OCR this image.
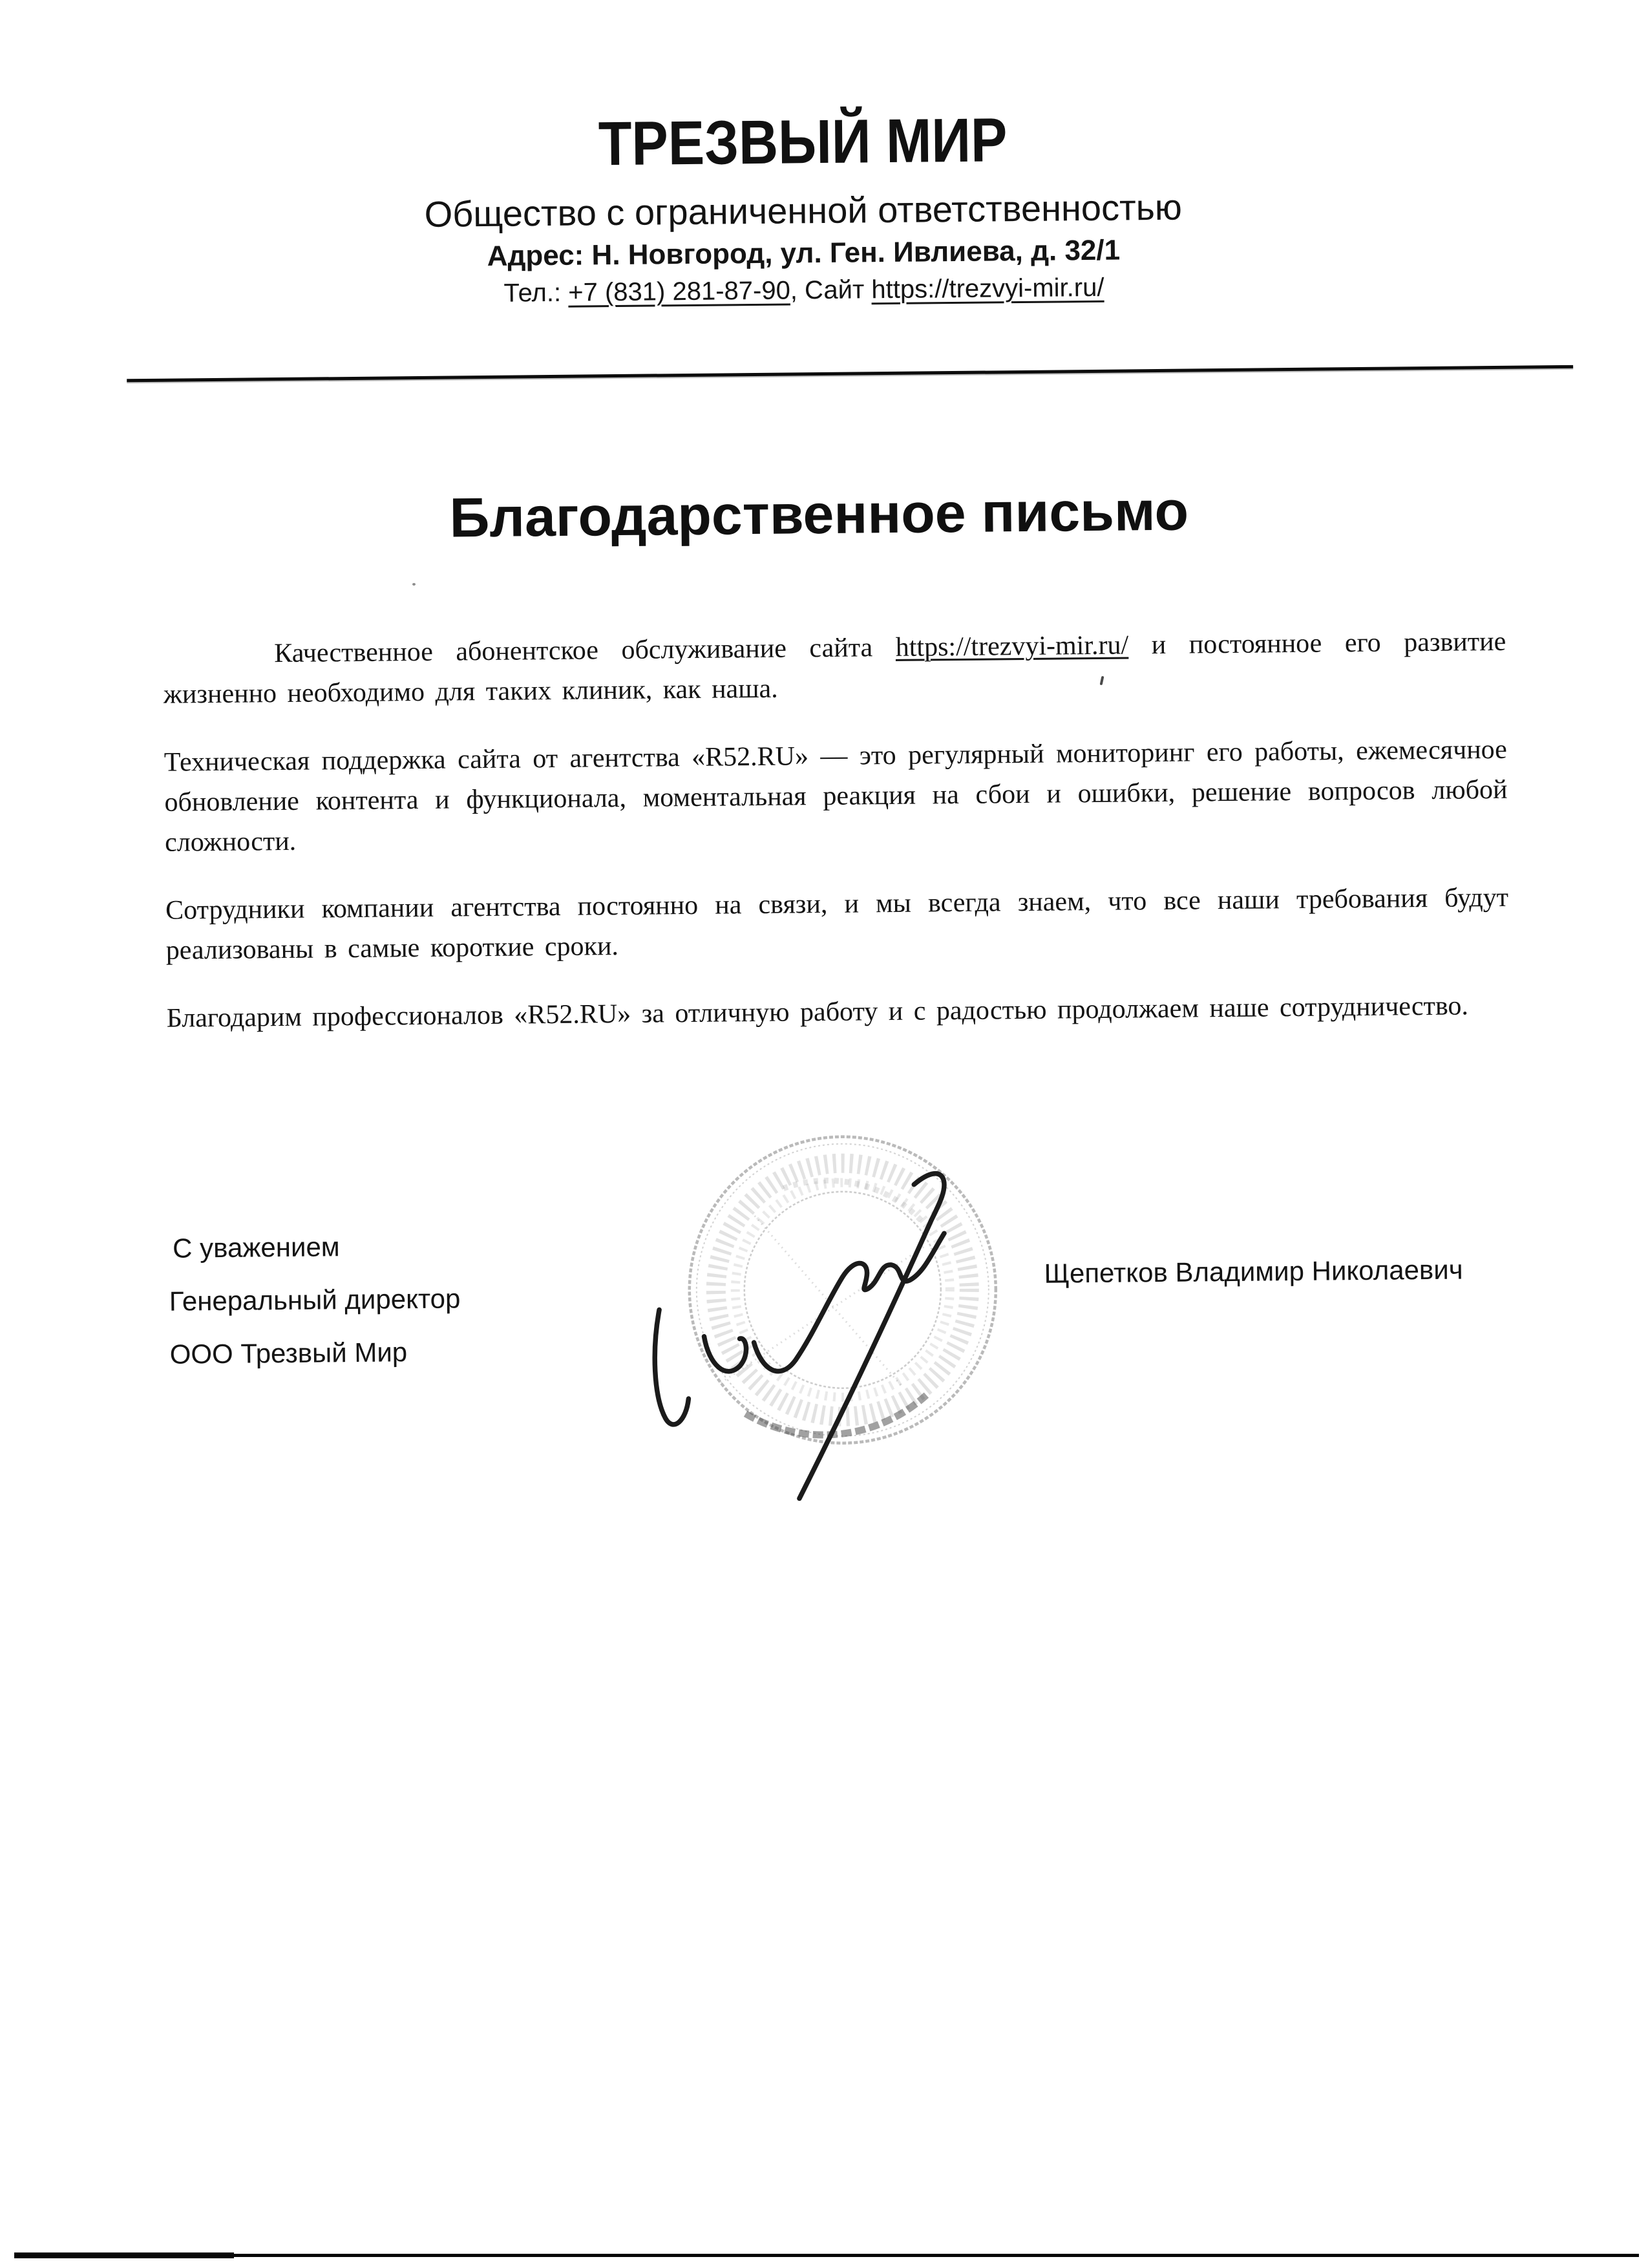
ТРЕЗВЫЙ МИР
Общество с ограниченной ответственностью
Адрес: Н. Новгород, ул. Ген. Ивлиева, д. 32/1
Тел.: +7 (831) 281-87-90, Сайт https://trezvyi-mir.ru/
Благодарственное письмо

Качественное абонентское обслуживание сайта https://trezvyi-mir.ru/ и постоянное его развитие жизненно необходимо для таких клиник, как наша.

Техническая поддержка сайта от агентства «R52.RU» — это регулярный мониторинг его работы, ежемесячное обновление контента и функционала, моментальная реакция на сбои и ошибки, решение вопросов любой сложности.

Сотрудники компании агентства постоянно на связи, и мы всегда знаем, что все наши требования будут реализованы в самые короткие сроки.

Благодарим профессионалов «R52.RU» за отличную работу и с радостью продолжаем наше сотрудничество.

С уважением
Генеральный директор
ООО Трезвый Мир
Щепетков Владимир Николаевич
